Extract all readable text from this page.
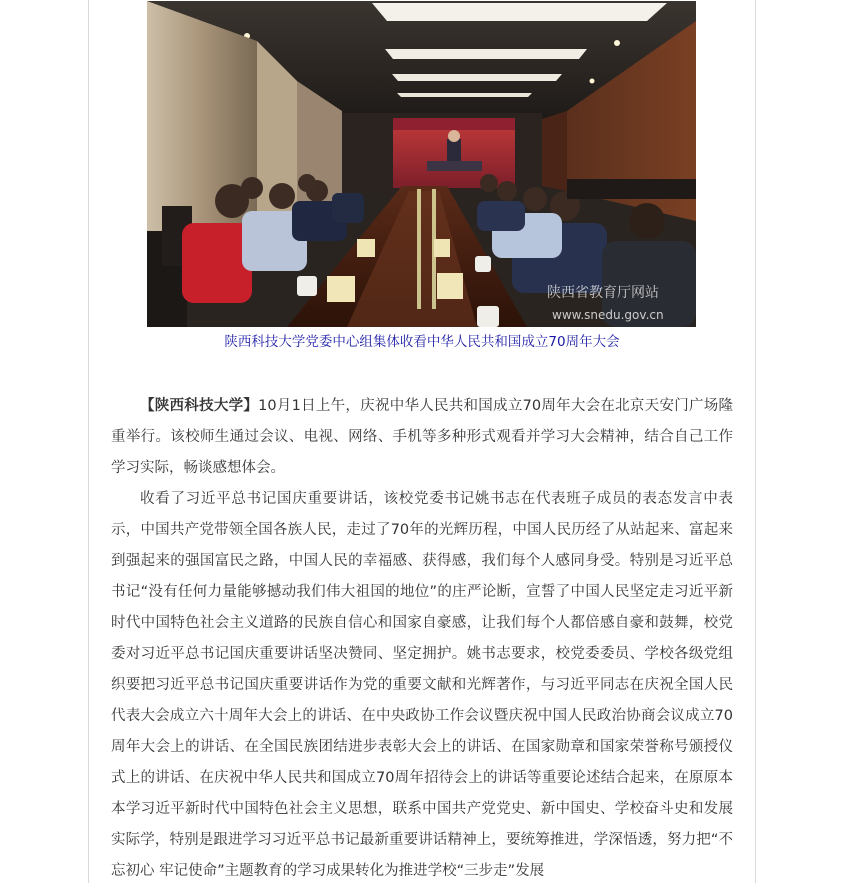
陕西省教育厅网站
www.snedu.gov.cn
陕西科技大学党委中心组集体收看中华人民共和国成立70周年大会

【陕西科技大学】10月1日上午，庆祝中华人民共和国成立70周年大会在北京天安门广场隆重举行。该校师生通过会议、电视、网络、手机等多种形式观看并学习大会精神，结合自己工作学习实际，畅谈感想体会。

收看了习近平总书记国庆重要讲话，该校党委书记姚书志在代表班子成员的表态发言中表示，中国共产党带领全国各族人民，走过了70年的光辉历程，中国人民历经了从站起来、富起来到强起来的强国富民之路，中国人民的幸福感、获得感，我们每个人感同身受。特别是习近平总书记“没有任何力量能够撼动我们伟大祖国的地位”的庄严论断，宣誓了中国人民坚定走习近平新时代中国特色社会主义道路的民族自信心和国家自豪感，让我们每个人都倍感自豪和鼓舞，校党委对习近平总书记国庆重要讲话坚决赞同、坚定拥护。姚书志要求，校党委委员、学校各级党组织要把习近平总书记国庆重要讲话作为党的重要文献和光辉著作，与习近平同志在庆祝全国人民代表大会成立六十周年大会上的讲话、在中央政协工作会议暨庆祝中国人民政治协商会议成立70周年大会上的讲话、在全国民族团结进步表彰大会上的讲话、在国家勋章和国家荣誉称号颁授仪式上的讲话、在庆祝中华人民共和国成立70周年招待会上的讲话等重要论述结合起来，在原原本本学习近平新时代中国特色社会主义思想，联系中国共产党党史、新中国史、学校奋斗史和发展实际学，特别是跟进学习习近平总书记最新重要讲话精神上，要统筹推进，学深悟透，努力把“不忘初心 牢记使命”主题教育的学习成果转化为推进学校“三步走”发展
